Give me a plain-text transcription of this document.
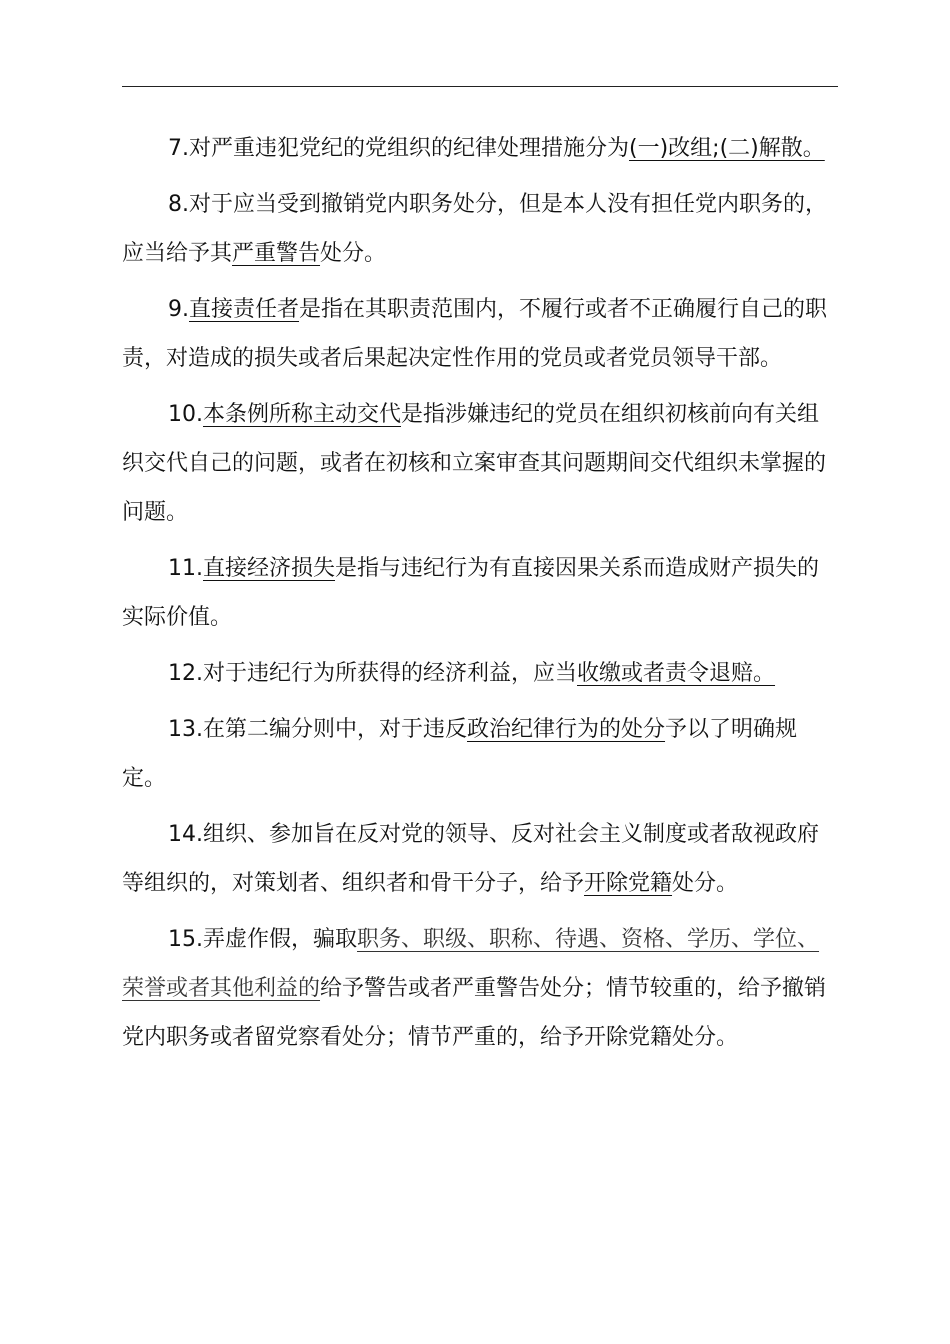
7.对严重违犯党纪的党组织的纪律处理措施分为(一)改组;(二)解散。

8.对于应当受到撤销党内职务处分，但是本人没有担任党内职务的，应当给予其严重警告处分。

9.直接责任者是指在其职责范围内，不履行或者不正确履行自己的职责，对造成的损失或者后果起决定性作用的党员或者党员领导干部。

10.本条例所称主动交代是指涉嫌违纪的党员在组织初核前向有关组织交代自己的问题，或者在初核和立案审查其问题期间交代组织未掌握的问题。

11.直接经济损失是指与违纪行为有直接因果关系而造成财产损失的实际价值。

12.对于违纪行为所获得的经济利益，应当收缴或者责令退赔。

13.在第二编分则中，对于违反政治纪律行为的处分予以了明确规定。

14.组织、参加旨在反对党的领导、反对社会主义制度或者敌视政府等组织的，对策划者、组织者和骨干分子，给予开除党籍处分。

15.弄虚作假，骗取职务、职级、职称、待遇、资格、学历、学位、荣誉或者其他利益的给予警告或者严重警告处分；情节较重的，给予撤销党内职务或者留党察看处分；情节严重的，给予开除党籍处分。
